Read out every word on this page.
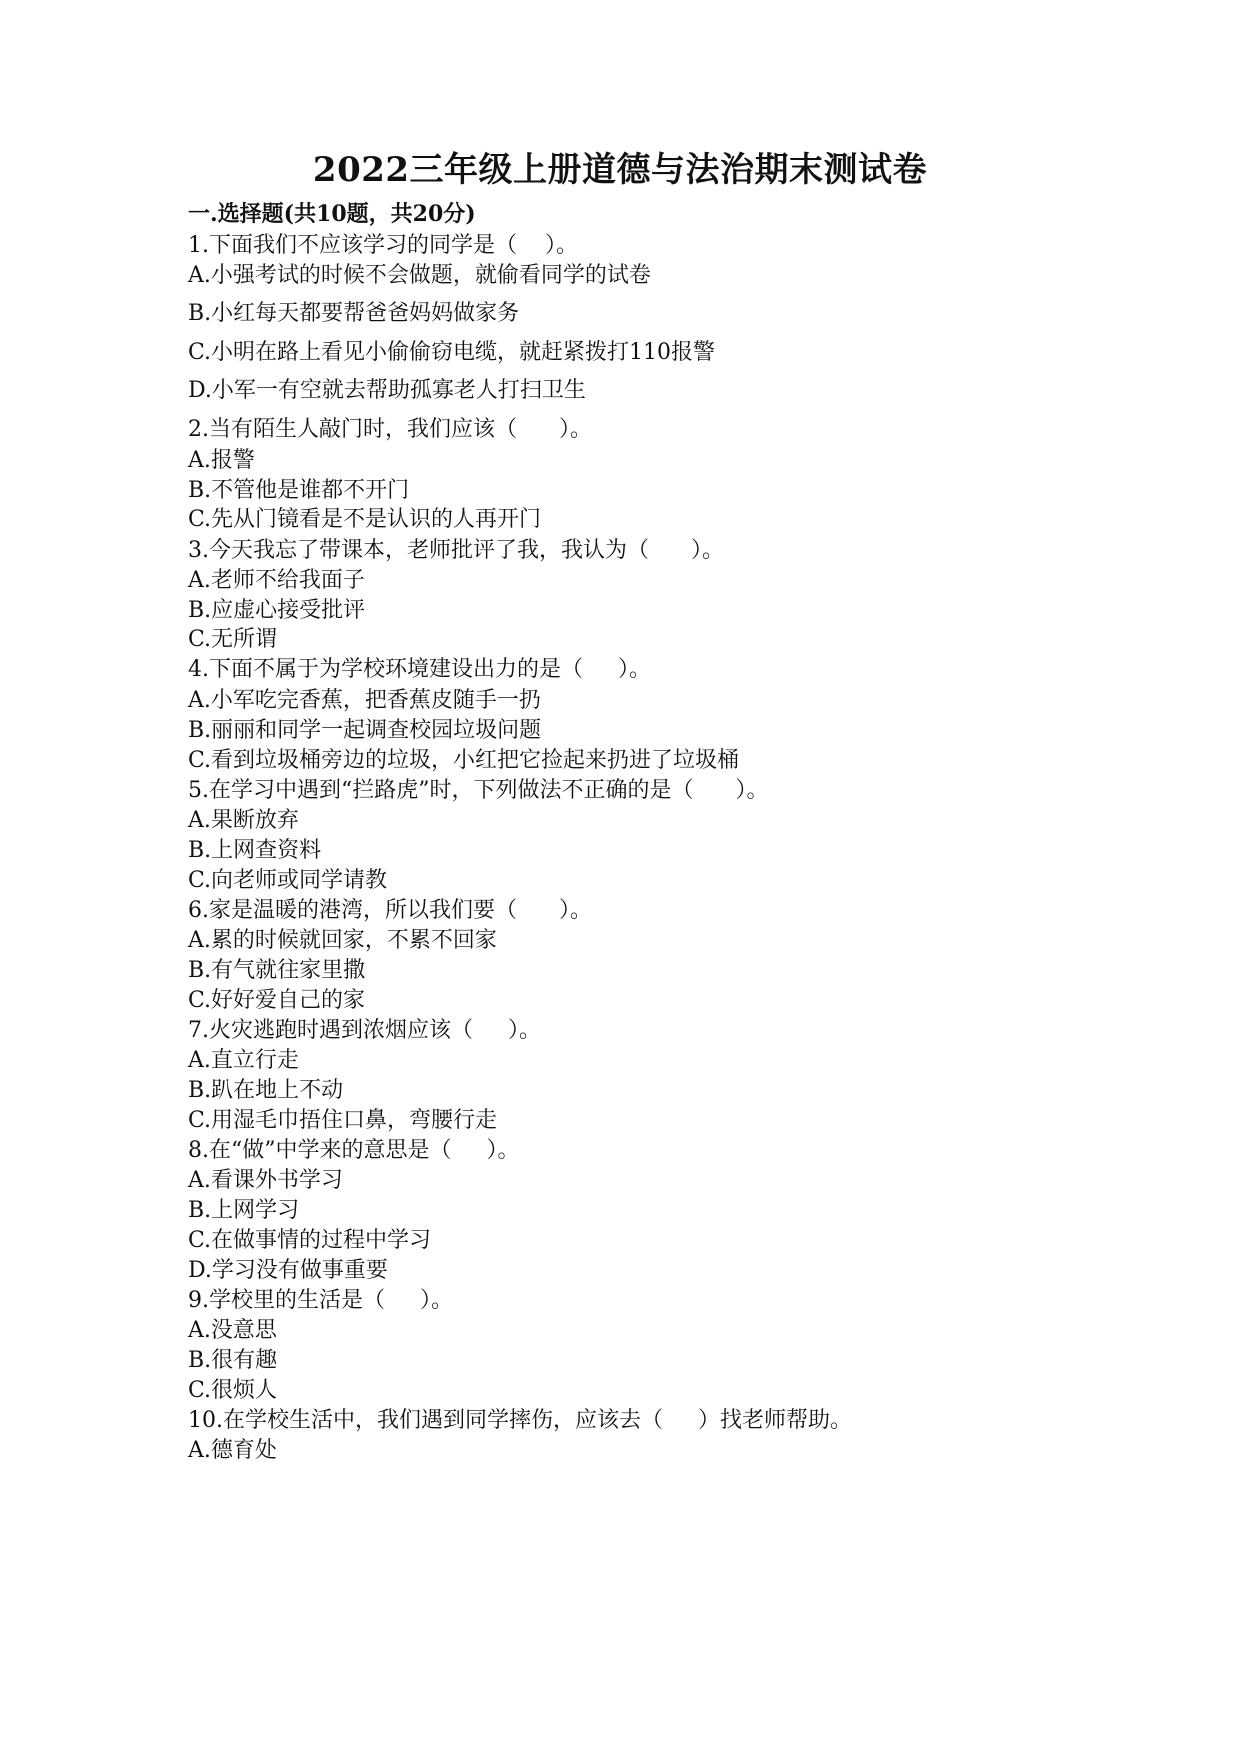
2022三年级上册道德与法治期末测试卷
一.选择题(共10题，共20分)
1.下面我们不应该学习的同学是（    ）。
A.小强考试的时候不会做题，就偷看同学的试卷
B.小红每天都要帮爸爸妈妈做家务
C.小明在路上看见小偷偷窃电缆，就赶紧拨打110报警
D.小军一有空就去帮助孤寡老人打扫卫生
2.当有陌生人敲门时，我们应该（      ）。
A.报警
B.不管他是谁都不开门
C.先从门镜看是不是认识的人再开门
3.今天我忘了带课本，老师批评了我，我认为（      ）。
A.老师不给我面子
B.应虚心接受批评
C.无所谓
4.下面不属于为学校环境建设出力的是（     ）。
A.小军吃完香蕉，把香蕉皮随手一扔
B.丽丽和同学一起调查校园垃圾问题
C.看到垃圾桶旁边的垃圾，小红把它捡起来扔进了垃圾桶
5.在学习中遇到“拦路虎”时，下列做法不正确的是（      ）。
A.果断放弃
B.上网查资料
C.向老师或同学请教
6.家是温暖的港湾，所以我们要（      ）。
A.累的时候就回家，不累不回家
B.有气就往家里撒
C.好好爱自己的家
7.火灾逃跑时遇到浓烟应该（     ）。
A.直立行走
B.趴在地上不动
C.用湿毛巾捂住口鼻，弯腰行走
8.在“做”中学来的意思是（     ）。
A.看课外书学习
B.上网学习
C.在做事情的过程中学习
D.学习没有做事重要
9.学校里的生活是（     ）。
A.没意思
B.很有趣
C.很烦人
10.在学校生活中，我们遇到同学摔伤，应该去（     ）找老师帮助。
A.德育处
